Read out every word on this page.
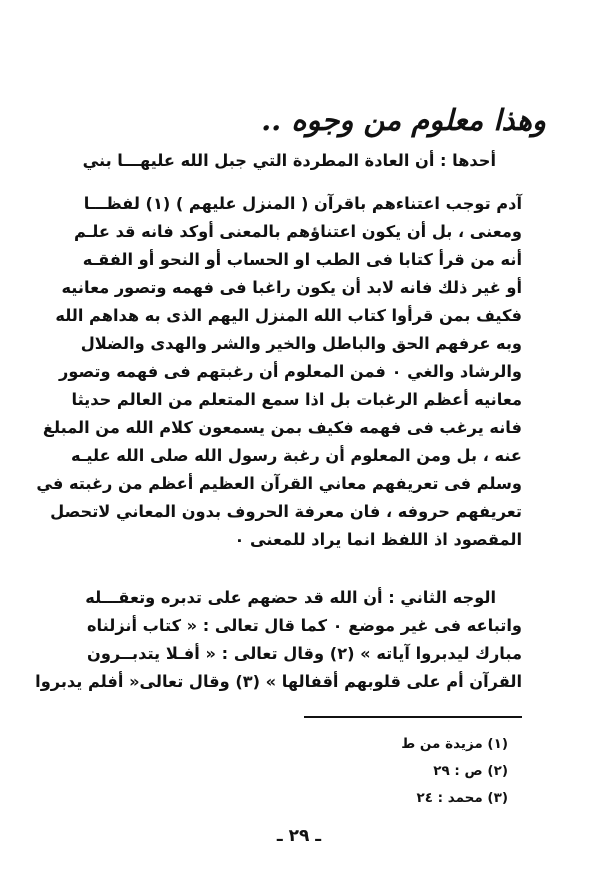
وهذا معلوم من وجوه ..
أحدها : أن العادة المطردة التي جبل الله عليهـــا بني
آدم توجب اعتناءهم باقرآن ( المنزل عليهم ) (١) لفظـــا
ومعنى ، بل أن يكون اعتناؤهم بالمعنى أوكد فانه قد علـم
أنه من قرأ كتابا فى الطب او الحساب أو النحو أو الفقـه
أو غير ذلك فانه لابد أن يكون راغبا فى فهمه وتصور معانيه
فكيف بمن قرأوا كتاب الله المنزل اليهم الذى به هداهم الله
وبه عرفهم الحق والباطل والخير والشر والهدى والضلال
والرشاد والغي ٠ فمن المعلوم أن رغبتهم فى فهمه وتصور
معانيه أعظم الرغبات بل اذا سمع المتعلم من العالم حديثا
فانه يرغب فى فهمه فكيف بمن يسمعون كلام الله من المبلغ
عنه ، بل ومن المعلوم أن رغبة رسول الله صلى الله عليـه
وسلم فى تعريفهم معاني القرآن العظيم أعظم من رغبته في
تعريفهم حروفه ، فان معرفة الحروف بدون المعاني لاتحصل
المقصود اذ اللفظ انما يراد للمعنى ٠
الوجه الثاني : أن الله قد حضهم على تدبره وتعقـــله
واتباعه فى غير موضع ٠ كما قال تعالى : « كتاب أنزلناه
مبارك ليدبروا آياته » (٢) وقال تعالى : « أفـلا يتدبــرون
القرآن أم على قلوبهم أقفالها » (٣) وقال تعالى« أفلم يدبروا
(١) مزيدة من ط
(٢) ص : ٢٩
(٣) محمد : ٢٤
ـ ٢٩ ـ
